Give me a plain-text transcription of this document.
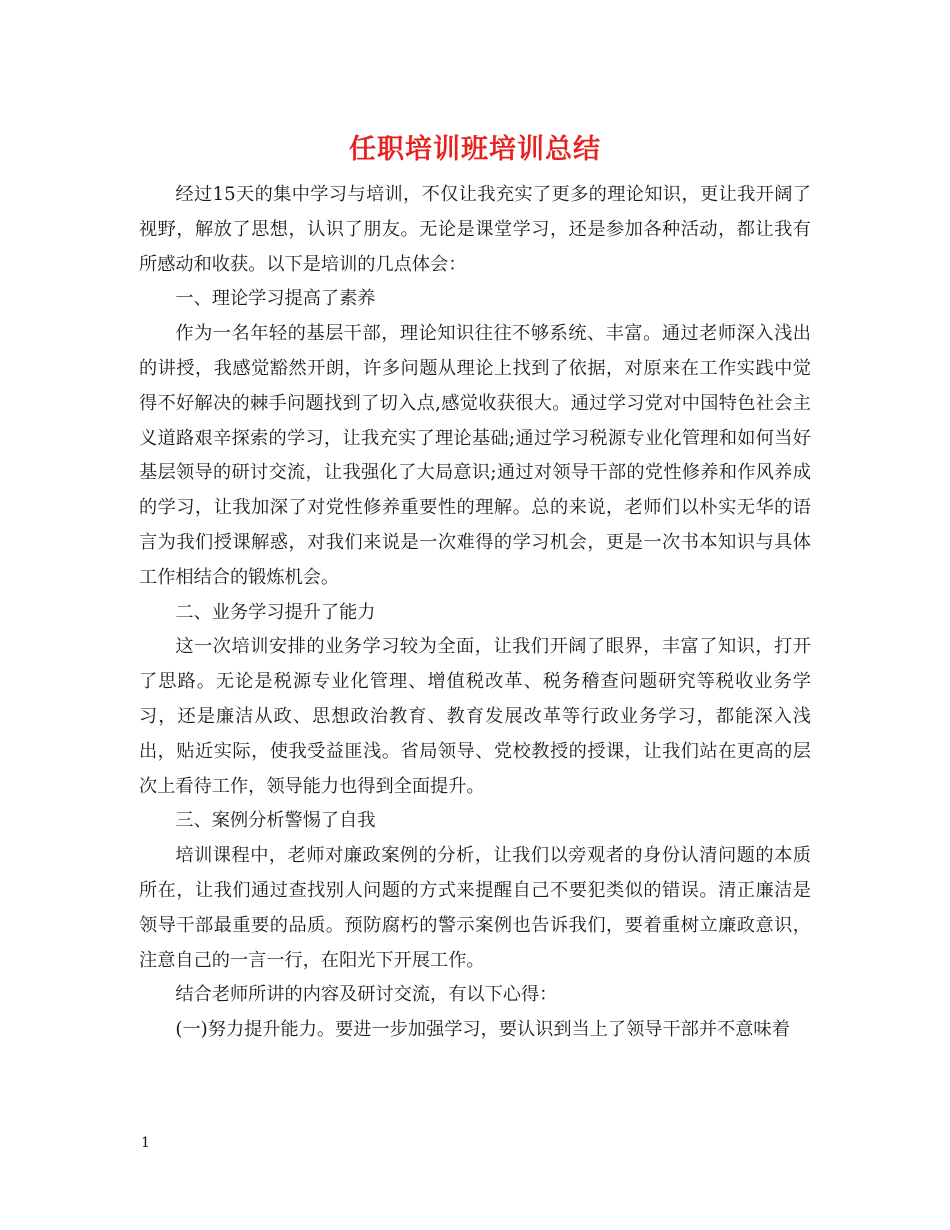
任职培训班培训总结

经过15天的集中学习与培训，不仅让我充实了更多的理论知识，更让我开阔了视野，解放了思想，认识了朋友。无论是课堂学习，还是参加各种活动，都让我有所感动和收获。以下是培训的几点体会：

一、理论学习提高了素养

作为一名年轻的基层干部，理论知识往往不够系统、丰富。通过老师深入浅出的讲授，我感觉豁然开朗，许多问题从理论上找到了依据，对原来在工作实践中觉得不好解决的棘手问题找到了切入点,感觉收获很大。通过学习党对中国特色社会主义道路艰辛探索的学习，让我充实了理论基础;通过学习税源专业化管理和如何当好基层领导的研讨交流，让我强化了大局意识;通过对领导干部的党性修养和作风养成的学习，让我加深了对党性修养重要性的理解。总的来说，老师们以朴实无华的语言为我们授课解惑，对我们来说是一次难得的学习机会，更是一次书本知识与具体工作相结合的锻炼机会。

二、业务学习提升了能力

这一次培训安排的业务学习较为全面，让我们开阔了眼界，丰富了知识，打开了思路。无论是税源专业化管理、增值税改革、税务稽查问题研究等税收业务学习，还是廉洁从政、思想政治教育、教育发展改革等行政业务学习，都能深入浅出，贴近实际，使我受益匪浅。省局领导、党校教授的授课，让我们站在更高的层次上看待工作，领导能力也得到全面提升。

三、案例分析警惕了自我

培训课程中，老师对廉政案例的分析，让我们以旁观者的身份认清问题的本质所在，让我们通过查找别人问题的方式来提醒自己不要犯类似的错误。清正廉洁是领导干部最重要的品质。预防腐朽的警示案例也告诉我们，要着重树立廉政意识，注意自己的一言一行，在阳光下开展工作。

结合老师所讲的内容及研讨交流，有以下心得：

(一)努力提升能力。要进一步加强学习，要认识到当上了领导干部并不意味着

1
